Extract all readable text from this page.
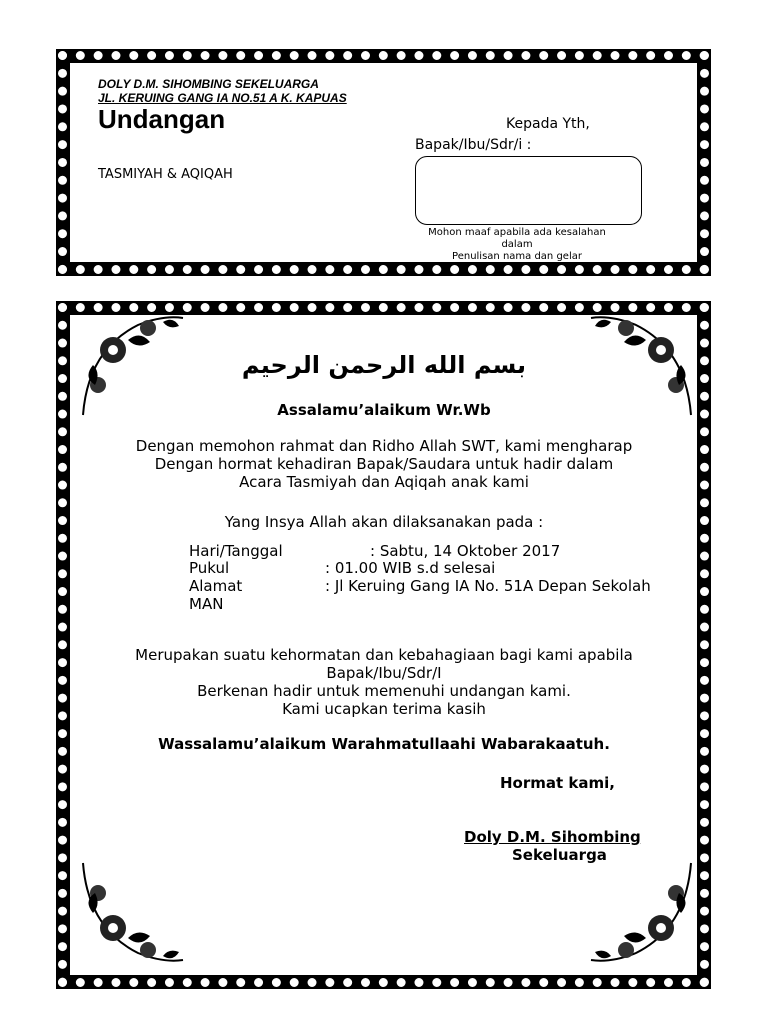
DOLY D.M. SIHOMBING SEKELUARGA
JL. KERUING GANG IA NO.51 A K. KAPUAS
Undangan
TASMIYAH & AQIQAH
Kepada Yth,
Bapak/Ibu/Sdr/i :
Mohon maaf apabila ada kesalahan
dalam
Penulisan nama dan gelar
بسم الله الرحمن الرحيم
Assalamu’alaikum Wr.Wb
Dengan memohon rahmat dan Ridho Allah SWT, kami mengharap
Dengan hormat kehadiran Bapak/Saudara untuk hadir dalam
Acara Tasmiyah dan Aqiqah anak kami
Yang Insya Allah akan dilaksanakan pada :
Hari/Tanggal	: Sabtu, 14 Oktober 2017
Pukul	: 01.00 WIB s.d selesai
Alamat	: Jl Keruing Gang IA No. 51A Depan Sekolah
MAN
Merupakan suatu kehormatan dan kebahagiaan bagi kami apabila
Bapak/Ibu/Sdr/I
Berkenan hadir untuk memenuhi undangan kami.
Kami ucapkan terima kasih
Wassalamu’alaikum Warahmatullaahi Wabarakaatuh.
Hormat kami,
Doly D.M. Sihombing
Sekeluarga
